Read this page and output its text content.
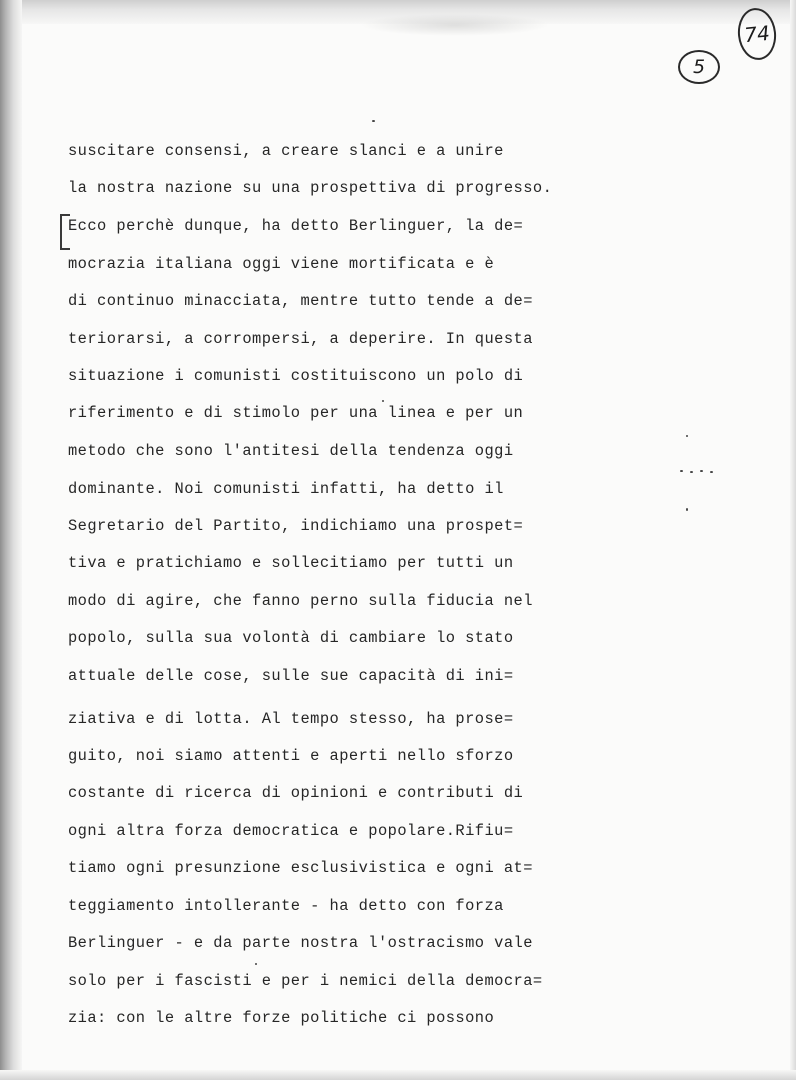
74
5
suscitare consensi, a creare slanci e a unire
la nostra nazione su una prospettiva di progresso.
Ecco perchè dunque, ha detto Berlinguer, la de=
mocrazia italiana oggi viene mortificata e è
di continuo minacciata, mentre tutto tende a de=
teriorarsi, a corrompersi, a deperire. In questa
situazione i comunisti costituiscono un polo di
riferimento e di stimolo per una linea e per un
metodo che sono l'antitesi della tendenza oggi
dominante. Noi comunisti infatti, ha detto il
Segretario del Partito, indichiamo una prospet=
tiva e pratichiamo e sollecitiamo per tutti un
modo di agire, che fanno perno sulla fiducia nel
popolo, sulla sua volontà di cambiare lo stato
attuale delle cose, sulle sue capacità di ini=
ziativa e di lotta. Al tempo stesso, ha prose=
guito, noi siamo attenti e aperti nello sforzo
costante di ricerca di opinioni e contributi di
ogni altra forza democratica e popolare.Rifiu=
tiamo ogni presunzione esclusivistica e ogni at=
teggiamento intollerante - ha detto con forza
Berlinguer - e da parte nostra l'ostracismo vale
solo per i fascisti e per i nemici della democra=
zia: con le altre forze politiche ci possono
